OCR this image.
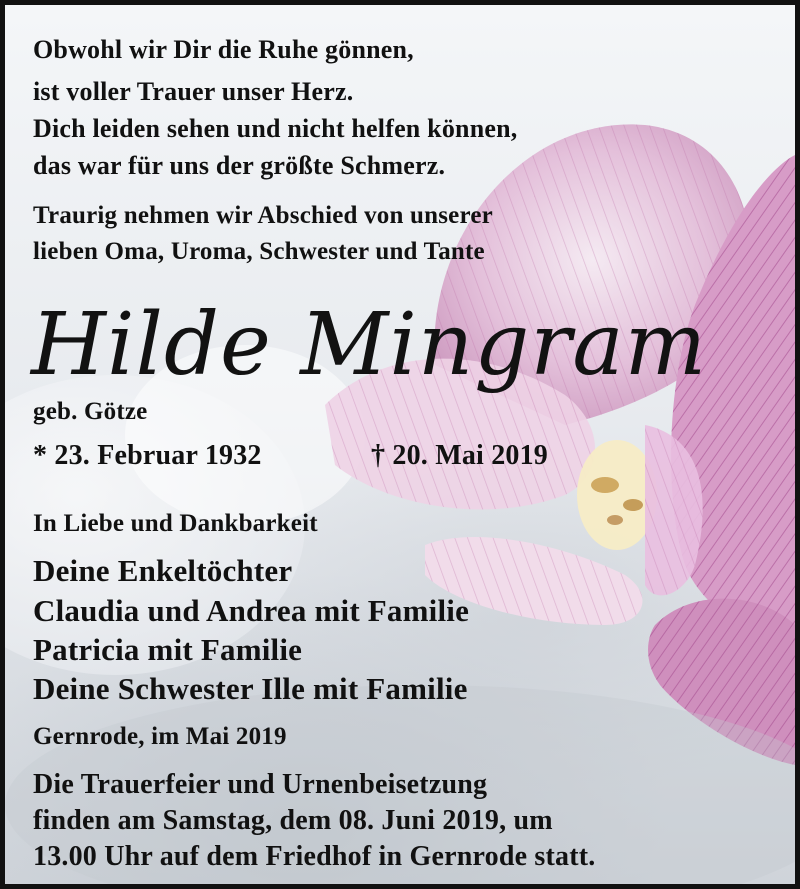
Obwohl wir Dir die Ruhe gönnen,
ist voller Trauer unser Herz.
Dich leiden sehen und nicht helfen können,
das war für uns der größte Schmerz.
Traurig nehmen wir Abschied von unserer
lieben Oma, Uroma, Schwester und Tante
Hilde Mingram
geb. Götze
* 23. Februar 1932	† 20. Mai 2019
In Liebe und Dankbarkeit
Deine Enkeltöchter
Claudia und Andrea mit Familie
Patricia mit Familie
Deine Schwester Ille mit Familie
Gernrode, im Mai 2019
Die Trauerfeier und Urnenbeisetzung
finden am Samstag, dem 08. Juni 2019, um
13.00 Uhr auf dem Friedhof in Gernrode statt.
